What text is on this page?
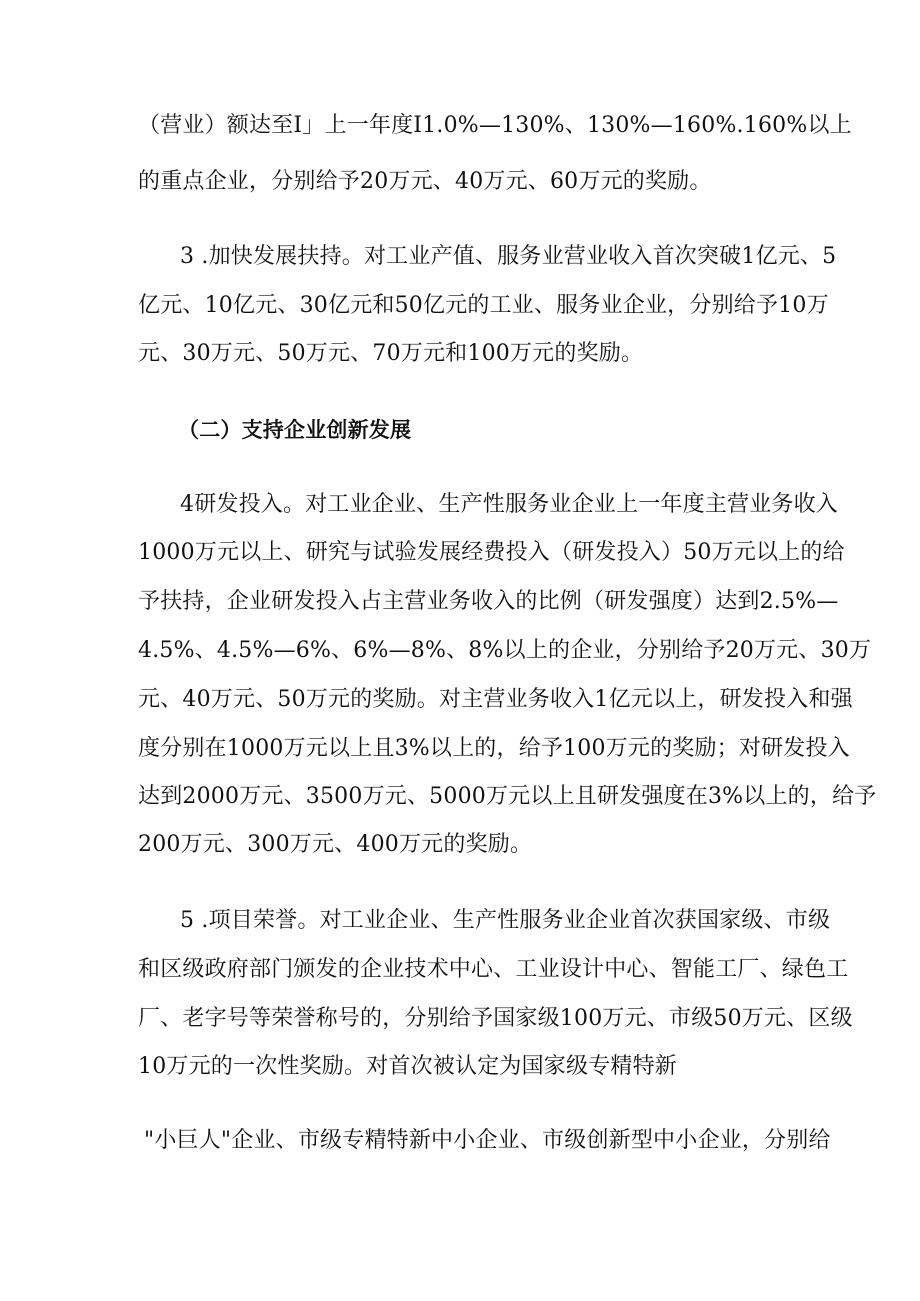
（营业）额达至I」上一年度I1.0%—130%、130%—160%.160%以上
的重点企业，分别给予20万元、40万元、60万元的奖励。
3 .加快发展扶持。对工业产值、服务业营业收入首次突破1亿元、5
亿元、10亿元、30亿元和50亿元的工业、服务业企业，分别给予10万
元、30万元、50万元、70万元和100万元的奖励。
（二）支持企业创新发展
4研发投入。对工业企业、生产性服务业企业上一年度主营业务收入
1000万元以上、研究与试验发展经费投入（研发投入）50万元以上的给
予扶持，企业研发投入占主营业务收入的比例（研发强度）达到2.5%—
4.5%、4.5%—6%、6%—8%、8%以上的企业，分别给予20万元、30万
元、40万元、50万元的奖励。对主营业务收入1亿元以上，研发投入和强
度分别在1000万元以上且3%以上的，给予100万元的奖励；对研发投入
达到2000万元、3500万元、5000万元以上且研发强度在3%以上的，给予
200万元、300万元、400万元的奖励。
5 .项目荣誉。对工业企业、生产性服务业企业首次获国家级、市级
和区级政府部门颁发的企业技术中心、工业设计中心、智能工厂、绿色工
厂、老字号等荣誉称号的，分别给予国家级100万元、市级50万元、区级
10万元的一次性奖励。对首次被认定为国家级专精特新
"小巨人"企业、市级专精特新中小企业、市级创新型中小企业，分别给
